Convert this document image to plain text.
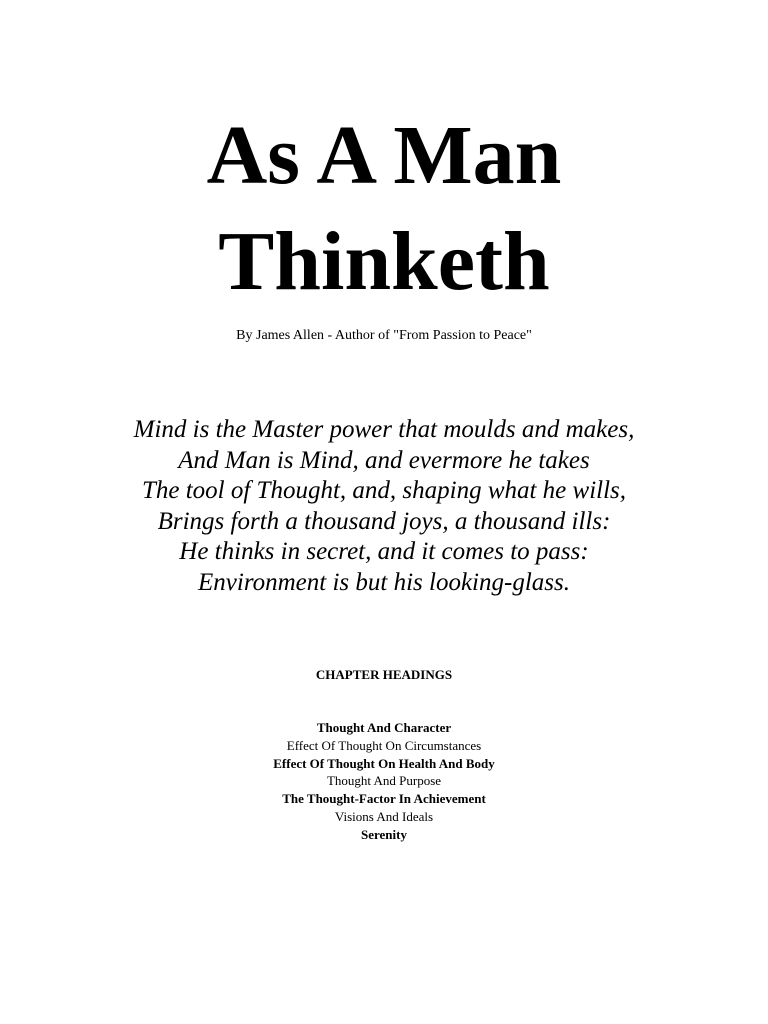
As A Man
Thinketh
By James Allen - Author of "From Passion to Peace"
Mind is the Master power that moulds and makes,
And Man is Mind, and evermore he takes
The tool of Thought, and, shaping what he wills,
Brings forth a thousand joys, a thousand ills:
He thinks in secret, and it comes to pass:
Environment is but his looking-glass.
CHAPTER HEADINGS
Thought And Character
Effect Of Thought On Circumstances
Effect Of Thought On Health And Body
Thought And Purpose
The Thought-Factor In Achievement
Visions And Ideals
Serenity
